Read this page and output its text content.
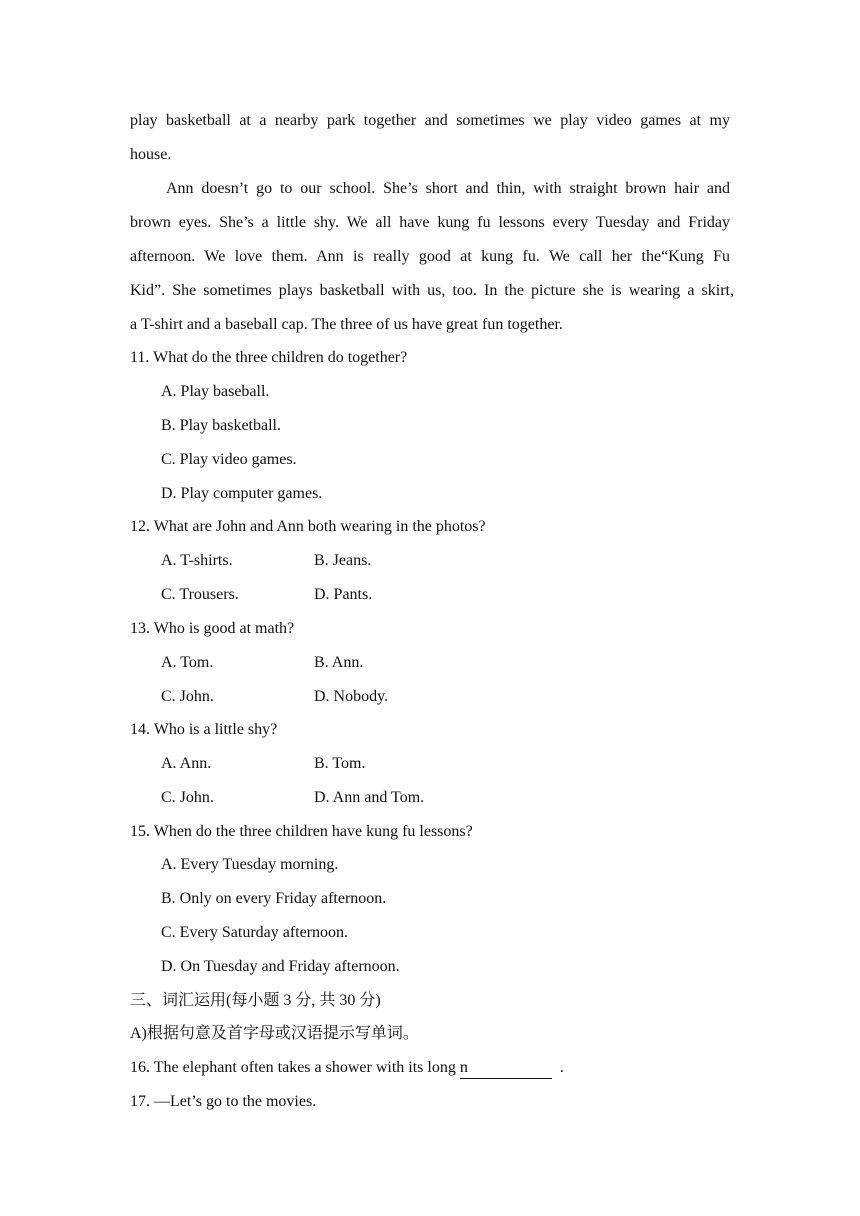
play basketball at a nearby park together and sometimes we play video games at my
house.
Ann doesn’t go to our school. She’s short and thin, with straight brown hair and
brown eyes. She’s a little shy. We all have kung fu lessons every Tuesday and Friday
afternoon. We love them. Ann is really good at kung fu. We call her the“Kung Fu
Kid”. She sometimes plays basketball with us, too. In the picture she is wearing a skirt,
a T-shirt and a baseball cap. The three of us have great fun together.
11. What do the three children do together?
A. Play baseball.
B. Play basketball.
C. Play video games.
D. Play computer games.
12. What are John and Ann both wearing in the photos?
A. T-shirts.	B. Jeans.
C. Trousers.	D. Pants.
13. Who is good at math?
A. Tom.	B. Ann.
C. John.	D. Nobody.
14. Who is a little shy?
A. Ann.	B. Tom.
C. John.	D. Ann and Tom.
15. When do the three children have kung fu lessons?
A. Every Tuesday morning.
B. Only on every Friday afternoon.
C. Every Saturday afternoon.
D. On Tuesday and Friday afternoon.
三、词汇运用(每小题 3 分, 共 30 分)
A)根据句意及首字母或汉语提示写单词。
16. The elephant often takes a shower with its long n	.
17. —Let’s go to the movies.
